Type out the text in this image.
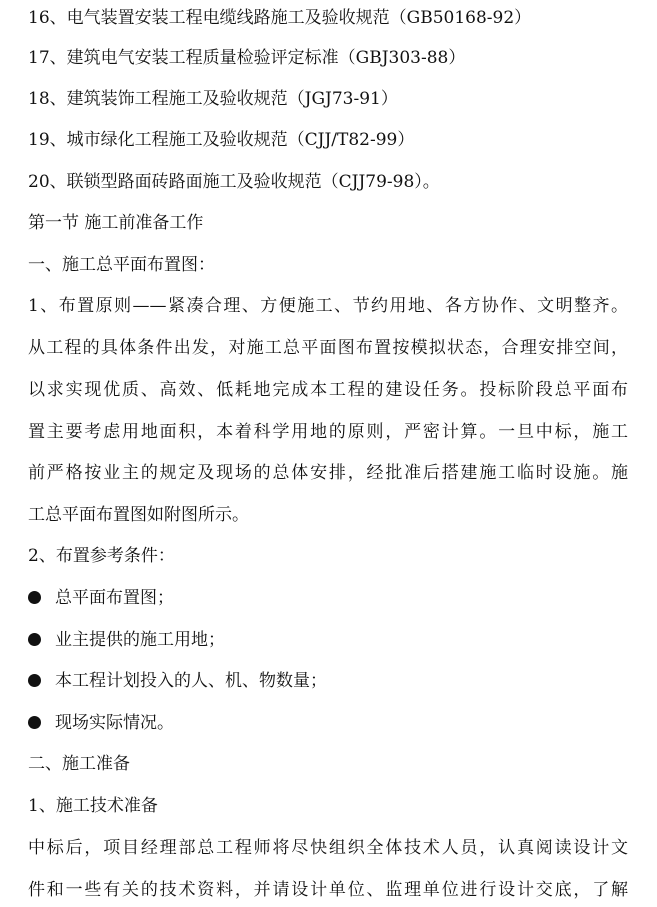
16、电气装置安装工程电缆线路施工及验收规范（GB50168-92）
17、建筑电气安装工程质量检验评定标准（GBJ303-88）
18、建筑装饰工程施工及验收规范（JGJ73-91）
19、城市绿化工程施工及验收规范（CJJ/T82-99）
20、联锁型路面砖路面施工及验收规范（CJJ79-98）。
第一节 施工前准备工作
一、施工总平面布置图：
1、布置原则——紧凑合理、方便施工、节约用地、各方协作、文明整齐。
从工程的具体条件出发，对施工总平面图布置按模拟状态，合理安排空间，
以求实现优质、高效、低耗地完成本工程的建设任务。投标阶段总平面布
置主要考虑用地面积，本着科学用地的原则，严密计算。一旦中标，施工
前严格按业主的规定及现场的总体安排，经批准后搭建施工临时设施。施
工总平面布置图如附图所示。
2、布置参考条件：
总平面布置图；
业主提供的施工用地；
本工程计划投入的人、机、物数量；
现场实际情况。
二、施工准备
1、施工技术准备
中标后，项目经理部总工程师将尽快组织全体技术人员，认真阅读设计文
件和一些有关的技术资料，并请设计单位、监理单位进行设计交底，了解
